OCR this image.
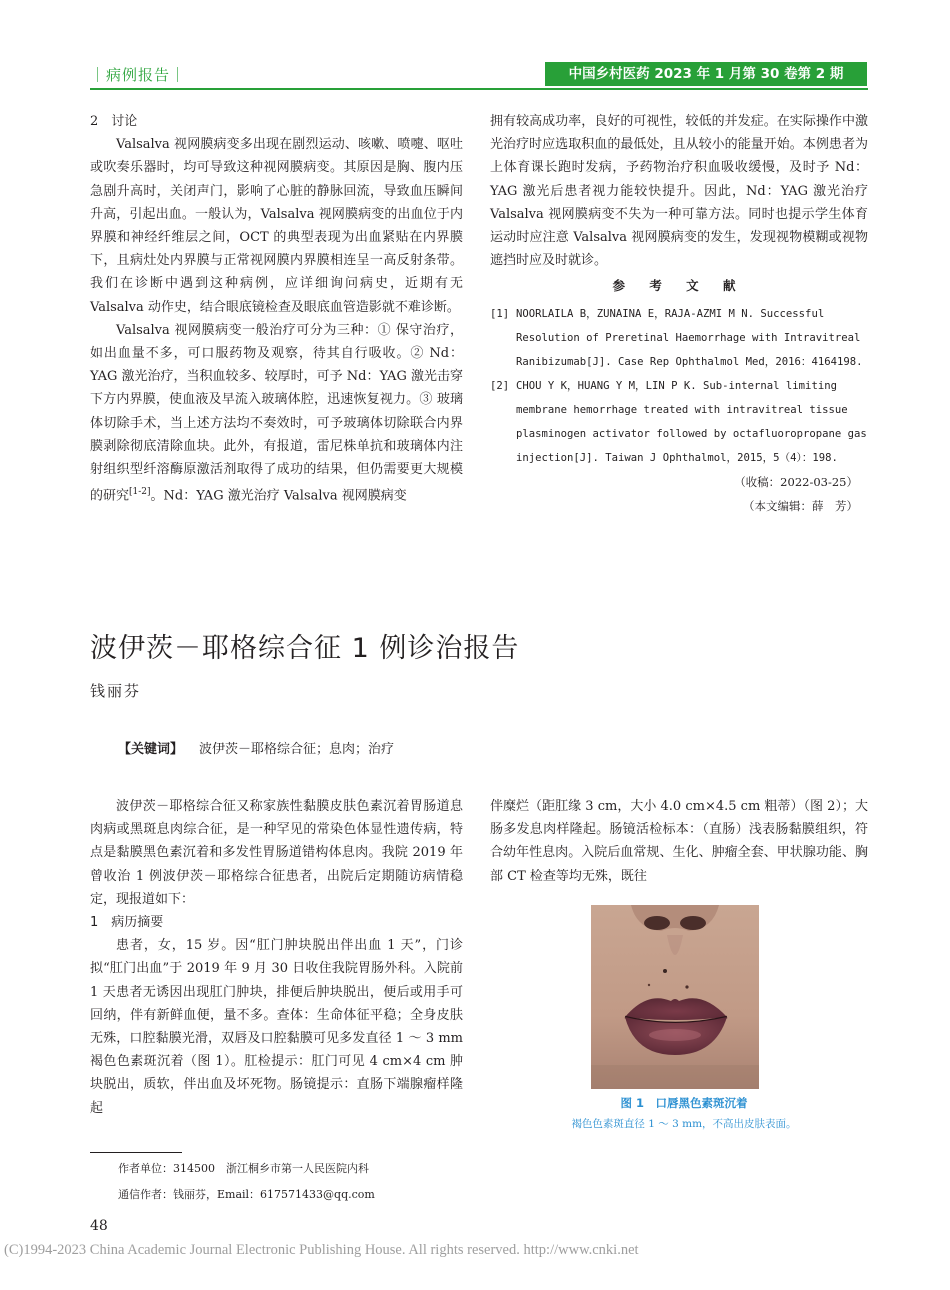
｜病例报告｜	中国乡村医药 2023 年 1 月第 30 卷第 2 期

2　讨论

Valsalva 视网膜病变多出现在剧烈运动、咳嗽、喷嚏、呕吐或吹奏乐器时，均可导致这种视网膜病变。其原因是胸、腹内压急剧升高时，关闭声门，影响了心脏的静脉回流，导致血压瞬间升高，引起出血。一般认为，Valsalva 视网膜病变的出血位于内界膜和神经纤维层之间，OCT 的典型表现为出血紧贴在内界膜下，且病灶处内界膜与正常视网膜内界膜相连呈一高反射条带。我们在诊断中遇到这种病例，应详细询问病史，近期有无 Valsalva 动作史，结合眼底镜检查及眼底血管造影就不难诊断。

Valsalva 视网膜病变一般治疗可分为三种：① 保守治疗，如出血量不多，可口服药物及观察，待其自行吸收。② Nd：YAG 激光治疗，当积血较多、较厚时，可予 Nd：YAG 激光击穿下方内界膜，使血液及早流入玻璃体腔，迅速恢复视力。③ 玻璃体切除手术，当上述方法均不奏效时，可予玻璃体切除联合内界膜剥除彻底清除血块。此外，有报道，雷尼株单抗和玻璃体内注射组织型纤溶酶原激活剂取得了成功的结果，但仍需要更大规模的研究[1-2]。Nd：YAG 激光治疗 Valsalva 视网膜病变

拥有较高成功率，良好的可视性，较低的并发症。在实际操作中激光治疗时应选取积血的最低处，且从较小的能量开始。本例患者为上体育课长跑时发病，予药物治疗积血吸收缓慢，及时予 Nd：YAG 激光后患者视力能较快提升。因此，Nd：YAG 激光治疗 Valsalva 视网膜病变不失为一种可靠方法。同时也提示学生体育运动时应注意 Valsalva 视网膜病变的发生，发现视物模糊或视物遮挡时应及时就诊。

参 考 文 献
[1] NOORLAILA B，ZUNAINA E，RAJA-AZMI M N. Successful Resolution of Preretinal Haemorrhage with Intravitreal Ranibizumab[J]. Case Rep Ophthalmol Med，2016：4164198.
[2] CHOU Y K，HUANG Y M，LIN P K. Sub-internal limiting membrane hemorrhage treated with intravitreal tissue plasminogen activator followed by octafluoropropane gas injection[J]. Taiwan J Ophthalmol，2015，5（4）：198.
（收稿：2022-03-25）
（本文编辑：薛　芳）
波伊茨－耶格综合征 1 例诊治报告
钱丽芬
【关键词】 波伊茨－耶格综合征；息肉；治疗

波伊茨－耶格综合征又称家族性黏膜皮肤色素沉着胃肠道息肉病或黑斑息肉综合征，是一种罕见的常染色体显性遗传病，特点是黏膜黑色素沉着和多发性胃肠道错构体息肉。我院 2019 年曾收治 1 例波伊茨－耶格综合征患者，出院后定期随访病情稳定，现报道如下：

1　病历摘要

患者，女，15 岁。因“肛门肿块脱出伴出血 1 天”，门诊拟“肛门出血”于 2019 年 9 月 30 日收住我院胃肠外科。入院前 1 天患者无诱因出现肛门肿块，排便后肿块脱出，便后或用手可回纳，伴有新鲜血便，量不多。查体：生命体征平稳；全身皮肤无殊，口腔黏膜光滑，双唇及口腔黏膜可见多发直径 1 ～ 3 mm 褐色色素斑沉着（图 1）。肛检提示：肛门可见 4 cm×4 cm 肿块脱出，质软，伴出血及坏死物。肠镜提示：直肠下端腺瘤样隆起

伴糜烂（距肛缘 3 cm，大小 4.0 cm×4.5 cm 粗蒂）（图 2）；大肠多发息肉样隆起。肠镜活检标本：（直肠）浅表肠黏膜组织，符合幼年性息肉。入院后血常规、生化、肿瘤全套、甲状腺功能、胸部 CT 检查等均无殊，既往

图 1　口唇黑色素斑沉着
褐色色素斑直径 1 ～ 3 mm，不高出皮肤表面。
作者单位：314500　浙江桐乡市第一人民医院内科
通信作者：钱丽芬，Email：617571433@qq.com
48
(C)1994-2023 China Academic Journal Electronic Publishing House. All rights reserved. http://www.cnki.net
